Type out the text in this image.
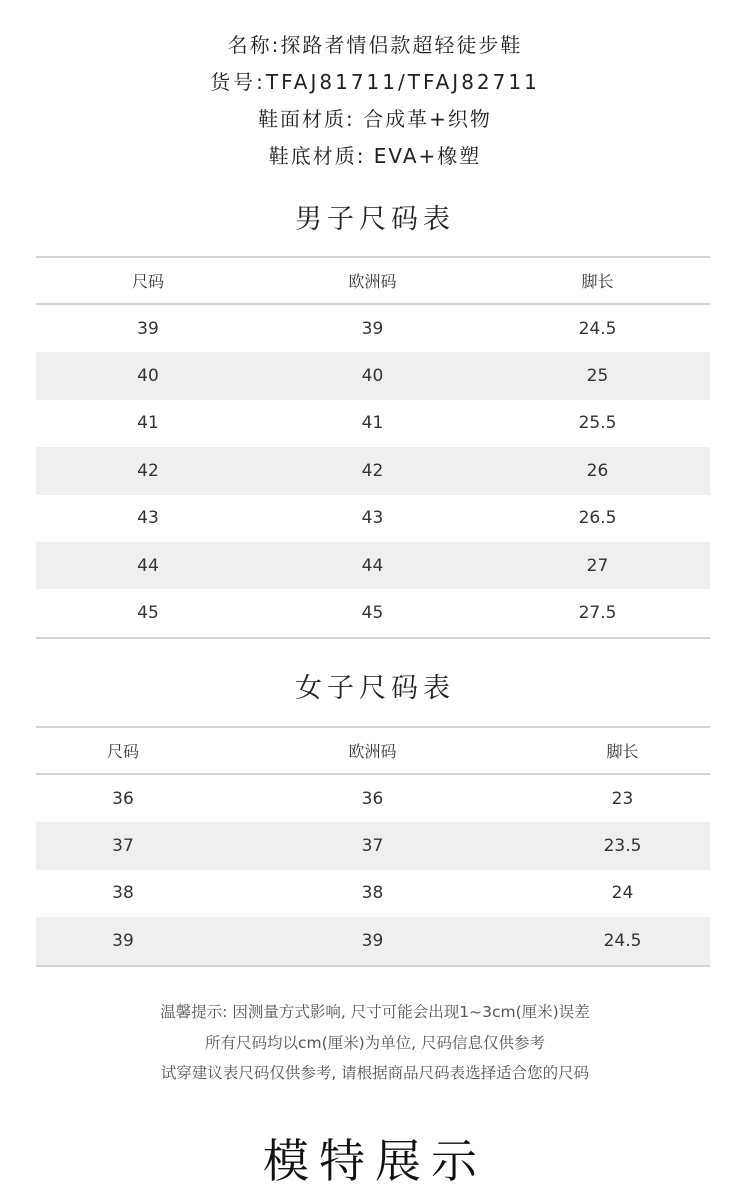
名称:探路者情侣款超轻徒步鞋
货号:TFAJ81711/TFAJ82711
鞋面材质: 合成革+织物
鞋底材质: EVA+橡塑
男子尺码表
尺码	欧洲码	脚长
39	39	24.5
40	40	25
41	41	25.5
42	42	26
43	43	26.5
44	44	27
45	45	27.5
女子尺码表
尺码	欧洲码	脚长
36	36	23
37	37	23.5
38	38	24
39	39	24.5
温馨提示: 因测量方式影响, 尺寸可能会出现1~3cm(厘米)误差
所有尺码均以cm(厘米)为单位, 尺码信息仅供参考
试穿建议表尺码仅供参考, 请根据商品尺码表选择适合您的尺码
模特展示
